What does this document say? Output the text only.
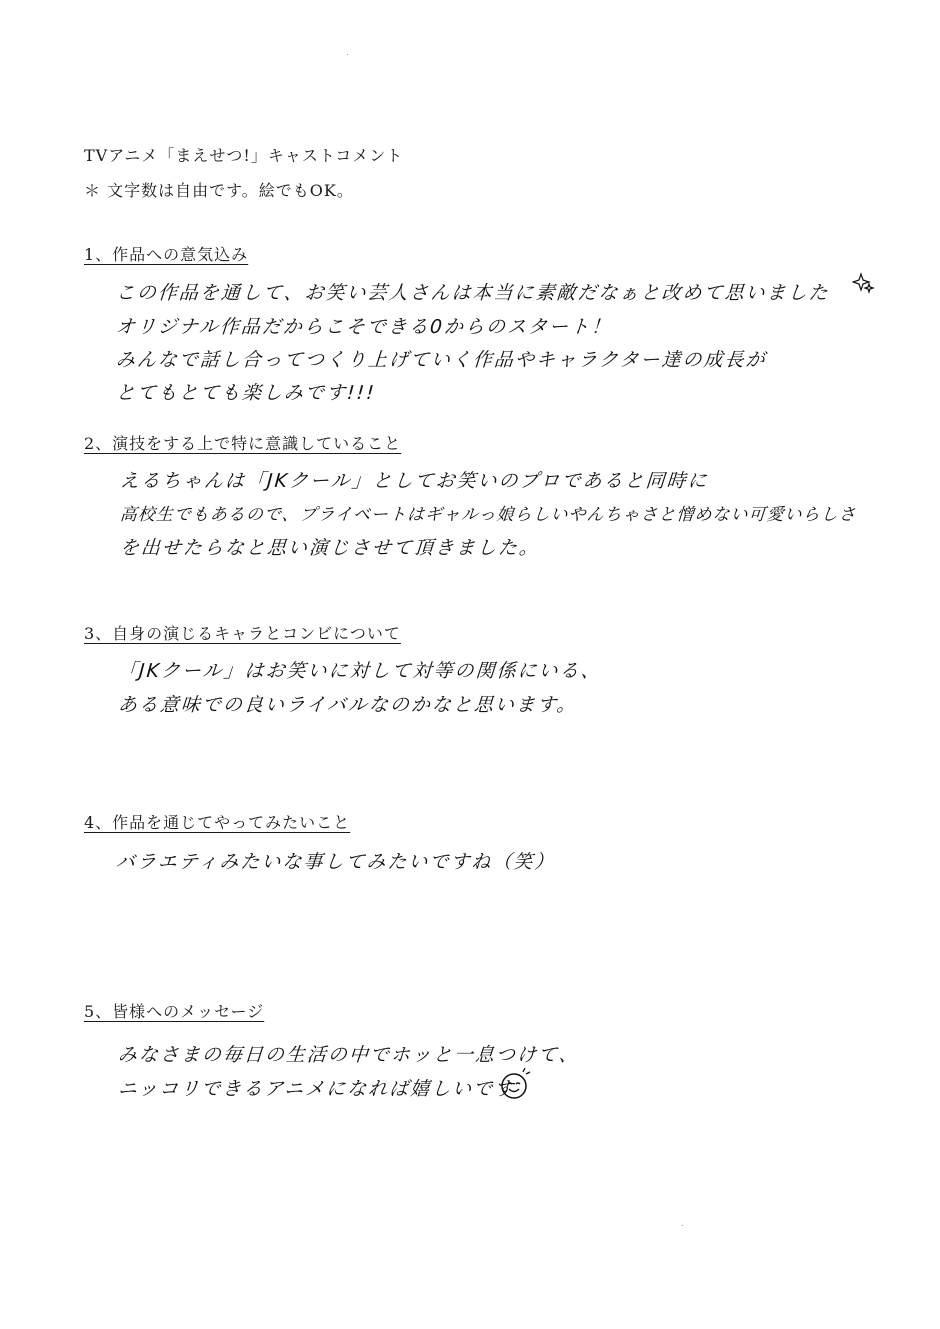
TVアニメ「まえせつ!」キャストコメント
＊ 文字数は自由です。絵でもOK。
1、作品への意気込み
この作品を通して、お笑い芸人さんは本当に素敵だなぁと改めて思いました
オリジナル作品だからこそできる0からのスタート！
みんなで話し合ってつくり上げていく作品やキャラクター達の成長が
とてもとても楽しみです!!!
2、演技をする上で特に意識していること
えるちゃんは「JKクール」としてお笑いのプロであると同時に
高校生でもあるので、プライベートはギャルっ娘らしいやんちゃさと憎めない可愛いらしさ
を出せたらなと思い演じさせて頂きました。
3、自身の演じるキャラとコンビについて
「JKクール」はお笑いに対して対等の関係にいる、
ある意味での良いライバルなのかなと思います。
4、作品を通じてやってみたいこと
バラエティみたいな事してみたいですね（笑）
5、皆様へのメッセージ
みなさまの毎日の生活の中でホッと一息つけて、
ニッコリできるアニメになれば嬉しいです
